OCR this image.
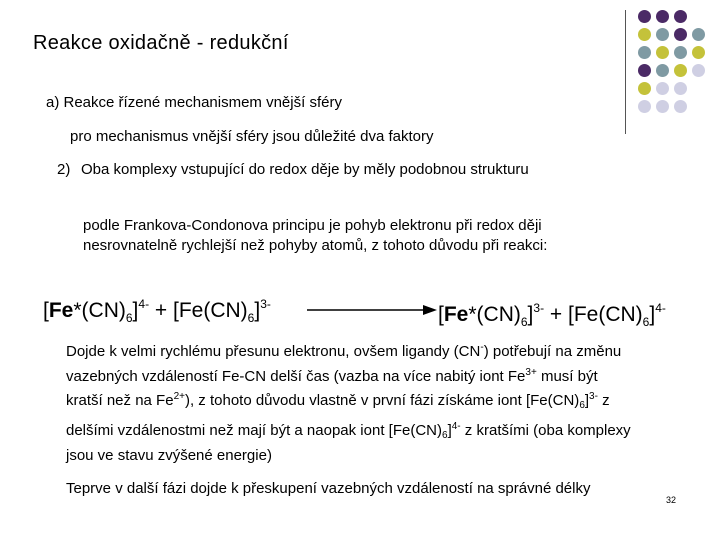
Reakce oxidačně - redukční
a) Reakce řízené mechanismem vnější sféry
pro mechanismus vnější sféry jsou důležité dva faktory
2) Oba komplexy vstupující do redox děje by měly podobnou strukturu
podle Frankova-Condonova principu je pohyb elektronu při redox ději nesrovnatelně rychlejší než pohyby atomů, z tohoto důvodu při reakci:
$[Fe*(CN)_6]^{4-} + [Fe(CN)_6]^{3-}$	$[Fe*(CN)_6]^{3-} + [Fe(CN)_6]^{4-}$
Dojde k velmi rychlému přesunu elektronu, ovšem ligandy (CN-) potřebují na změnu vazebných vzdáleností Fe-CN delší čas (vazba na více nabitý iont $Fe^{3+}$ musí být kratší než na $Fe^{2+}$), z tohoto důvodu vlastně v první fázi získáme iont $[Fe(CN)_6]^{3-}$ z delšími vzdálenostmi než mají být a naopak iont $[Fe(CN)_6]^{4-}$ z kratšími (oba komplexy jsou ve stavu zvýšené energie)
Teprve v další fázi dojde k přeskupení vazebných vzdáleností na správné délky
32
